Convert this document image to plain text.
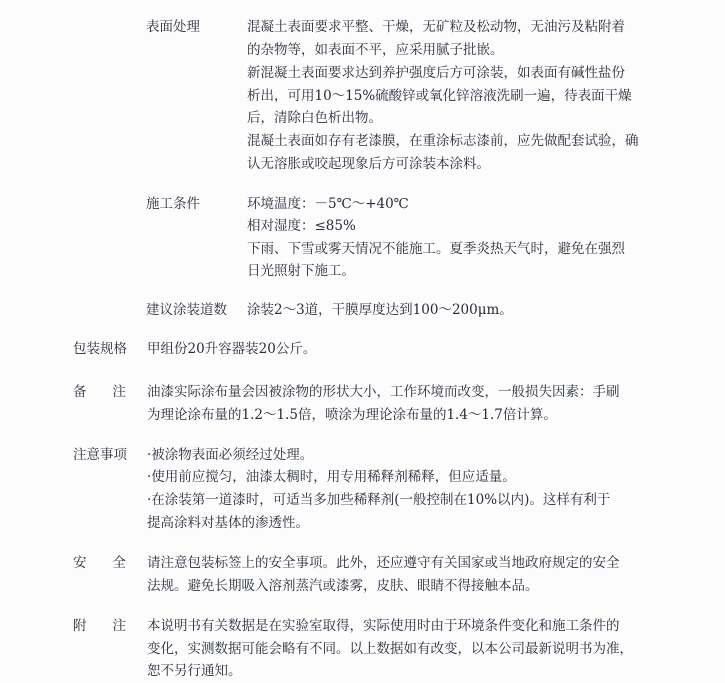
表面处理	混凝土表面要求平整、干燥，无矿粒及松动物，无油污及粘附着
的杂物等，如表面不平，应采用腻子批嵌。
新混凝土表面要求达到养护强度后方可涂装，如表面有碱性盐份
析出，可用10～15%硫酸锌或氧化锌溶液洗刷一遍，待表面干燥
后，清除白色析出物。
混凝土表面如存有老漆膜，在重涂标志漆前，应先做配套试验，确
认无溶胀或咬起现象后方可涂装本涂料。
施工条件	环境温度：－5℃～+40℃
相对湿度：≤85%
下雨、下雪或雾天情况不能施工。夏季炎热天气时，避免在强烈
日光照射下施工。
建议涂装道数 涂装2～3道，干膜厚度达到100～200μm。
包装规格 甲组份20升容器装20公斤。
备注
油漆实际涂布量会因被涂物的形状大小，工作环境而改变，一般损失因素：手刷
为理论涂布量的1.2～1.5倍，喷涂为理论涂布量的1.4～1.7倍计算。
注意事项 ·被涂物表面必须经过处理。
·使用前应搅匀，油漆太稠时，用专用稀释剂稀释，但应适量。
·在涂装第一道漆时，可适当多加些稀释剂(一般控制在10%以内)。这样有利于
提高涂料对基体的渗透性。
安全
请注意包装标签上的安全事项。此外，还应遵守有关国家或当地政府规定的安全
法规。避免长期吸入溶剂蒸汽或漆雾，皮肤、眼睛不得接触本品。
附注
本说明书有关数据是在实验室取得，实际使用时由于环境条件变化和施工条件的
变化，实测数据可能会略有不同。以上数据如有改变，以本公司最新说明书为准，
恕不另行通知。
